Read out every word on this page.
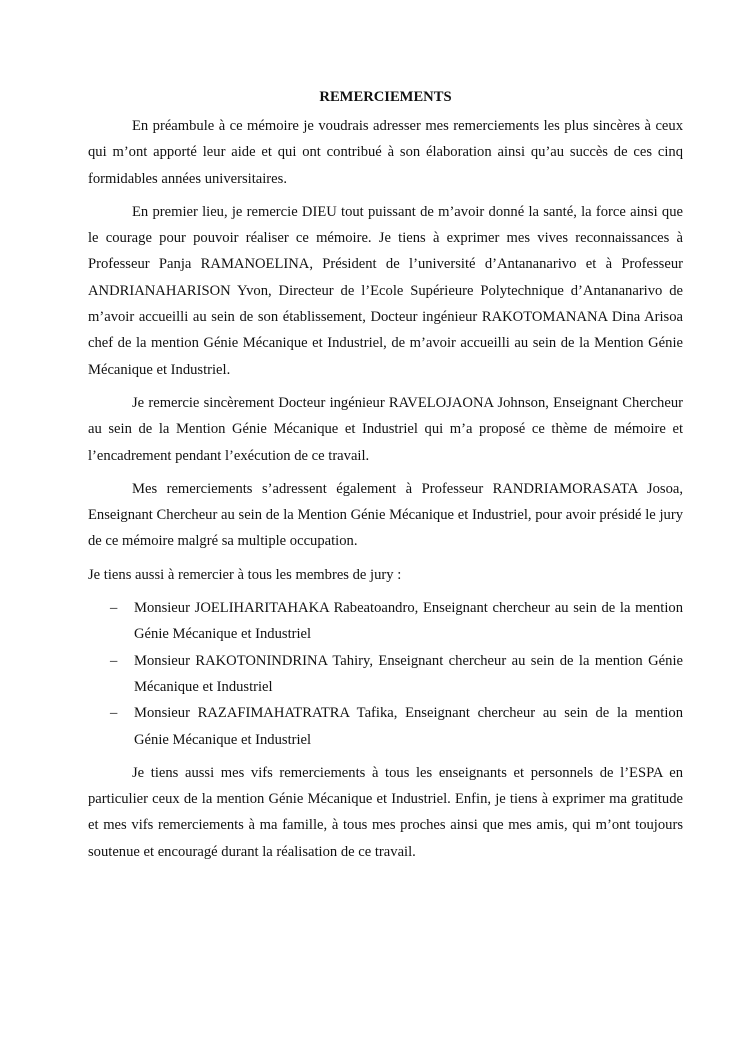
REMERCIEMENTS

En préambule à ce mémoire je voudrais adresser mes remerciements les plus sincères à ceux qui m’ont apporté leur aide et qui ont contribué à son élaboration ainsi qu’au succès de ces cinq formidables années universitaires.

En premier lieu, je remercie DIEU tout puissant de m’avoir donné la santé, la force ainsi que le courage pour pouvoir réaliser ce mémoire. Je tiens à exprimer mes vives reconnaissances à Professeur Panja RAMANOELINA, Président de l’université d’Antananarivo et à Professeur ANDRIANAHARISON Yvon, Directeur de l’Ecole Supérieure Polytechnique d’Antananarivo de m’avoir accueilli au sein de son établissement, Docteur ingénieur RAKOTOMANANA Dina Arisoa chef de la mention Génie Mécanique et Industriel, de m’avoir accueilli au sein de la Mention Génie Mécanique et Industriel.

Je remercie sincèrement Docteur ingénieur RAVELOJAONA Johnson, Enseignant Chercheur au sein de la Mention Génie Mécanique et Industriel qui m’a proposé ce thème de mémoire et l’encadrement pendant l’exécution de ce travail.

Mes remerciements s’adressent également à Professeur RANDRIAMORASATA Josoa, Enseignant Chercheur au sein de la Mention Génie Mécanique et Industriel, pour avoir présidé le jury de ce mémoire malgré sa multiple occupation.

Je tiens aussi à remercier à tous les membres de jury :

– Monsieur JOELIHARITAHAKA Rabeatoandro, Enseignant chercheur au sein de la mention Génie Mécanique et Industriel
– Monsieur RAKOTONINDRINA Tahiry, Enseignant chercheur au sein de la mention Génie Mécanique et Industriel
– Monsieur RAZAFIMAHATRATRA Tafika, Enseignant chercheur au sein de la mention Génie Mécanique et Industriel

Je tiens aussi mes vifs remerciements à tous les enseignants et personnels de l’ESPA en particulier ceux de la mention Génie Mécanique et Industriel. Enfin, je tiens à exprimer ma gratitude et mes vifs remerciements à ma famille, à tous mes proches ainsi que mes amis, qui m’ont toujours soutenue et encouragé durant la réalisation de ce travail.
